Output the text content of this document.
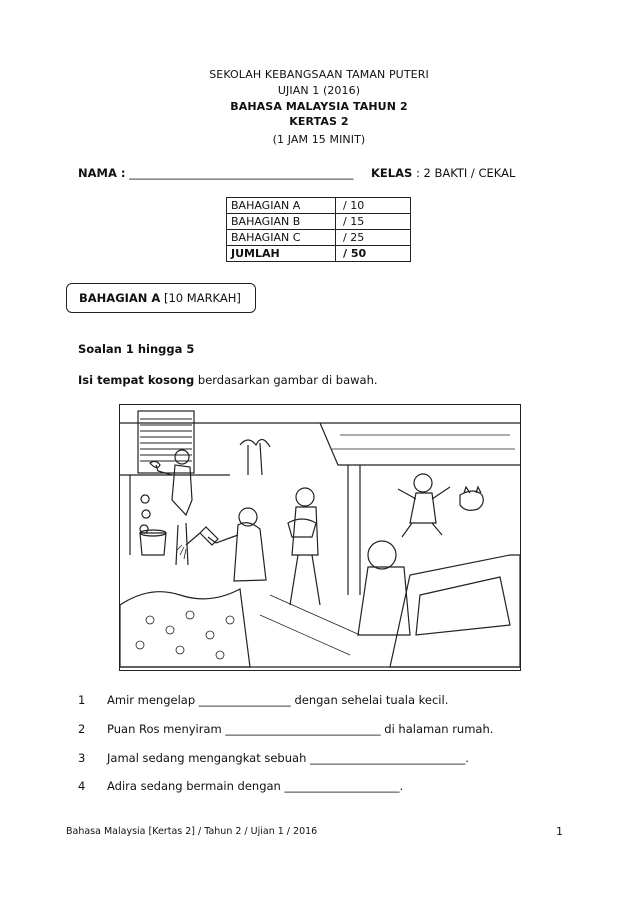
SEKOLAH KEBANGSAAN TAMAN PUTERI
UJIAN 1 (2016)
BAHASA MALAYSIA TAHUN 2
KERTAS 2
(1 JAM 15 MINIT)
NAMA : _______________________________________ KELAS : 2 BAKTI / CEKAL
BAHAGIAN A	/ 10
BAHAGIAN B	/ 15
BAHAGIAN C	/ 25
JUMLAH	/ 50
BAHAGIAN A [10 MARKAH]
Soalan 1 hingga 5
Isi tempat kosong berdasarkan gambar di bawah.
1 Amir mengelap ________________ dengan sehelai tuala kecil.
2 Puan Ros menyiram ___________________________ di halaman rumah.
3 Jamal sedang mengangkat sebuah ___________________________.
4 Adira sedang bermain dengan ____________________.
Bahasa Malaysia [Kertas 2] / Tahun 2 / Ujian 1 / 2016	1
